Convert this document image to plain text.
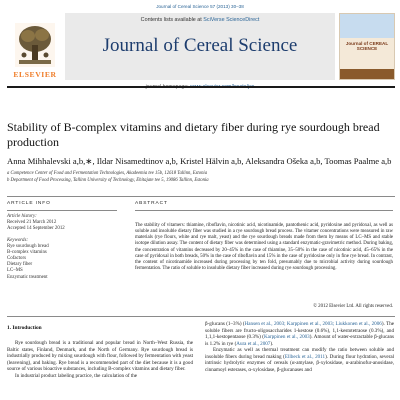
Journal of Cereal Science 57 (2013) 30–38
ELSEVIER
Contents lists available at SciVerse ScienceDirect
Journal of Cereal Science	Journal of CEREAL SCIENCE
Stability of B-complex vitamins and dietary fiber during rye sourdough bread production
Anna Mihhalevski a,b,∗, Ildar Nisamedtinov a,b, Kristel Hälvin a,b, Aleksandra Ošeka a,b, Toomas Paalme a,b
a Competence Center of Food and Fermentation Technologies, Akadeemia tee 15b, 12618 Tallinn, Estonia
b Department of Food Processing, Tallinn University of Technology, Ehitajate tee 5, 19086 Tallinn, Estonia
ARTICLE INFO	ABSTRACT
Article history:
Received 21 March 2012
Accepted 14 September 2012
Keywords:
Rye sourdough bread
B-complex vitamins
Cofactors
Dietary fiber
LC–MS
Enzymatic treatment
The stability of vitamers: thiamine, riboflavin, nicotinic acid, nicotinamide, pantothenic acid, pyridoxine and pyridoxal, as well as soluble and insoluble dietary fiber was studied in a rye sourdough bread process. The vitamer concentrations were measured in raw materials (rye flours, white and rye malt, yeast) and the rye sourdough breads made from them by means of LC–MS and stable isotope dilution assay. The content of dietary fiber was determined using a standard enzymatic-gravimetric method. During baking, the concentration of vitamins decreased by 20–45% in the case of thiamine, 35–50% in the case of nicotinic acid, 45–65% in the case of pyridoxal in both breads, 50% in the case of riboflavin and 15% in the case of pyridoxine only in fine rye bread. In contrast, the content of nicotinamide increased during processing by ten fold, presumably due to microbial activity during sourdough fermentation. The ratio of soluble to insoluble dietary fiber increased during rye sourdough processing.
© 2012 Elsevier Ltd. All rights reserved.
1. Introduction

Rye sourdough bread is a traditional and popular bread in North–West Russia, the Baltic states, Finland, Denmark, and the North of Germany. Rye sourdough bread is industrially produced by mixing sourdough with flour, followed by fermentation with yeast (leavening), and baking. Rye bread is a recommended part of the diet because it is a good source of various bioactive substances, including B-complex vitamins and dietary fiber.

In industrial product labeling practice, the calculation of the

β-glucans (1–3%) (Hansen et al., 2003; Karppinen et al., 2003; Liukkonen et al., 2006). The soluble fibers are fructo-oligosaccharides 1-kestose (0.6%), 1,1-kestotetraose (0.3%), and 1,1,1-kestopentaose (0.3%) (Karppinen et al., 2003). Amount of water-extractable β-glucans is 1.2% in rye (Aura et al., 2007).

Enzymatic as well as thermal treatment can modify the ratio between soluble and insoluble fibers during bread making (Ellbeck et al., 2011). During flour hydration, several intrinsic hydrolytic enzymes of cereals (α-amylase, β-xylosidase, α-arabinofur-anosidase, cinnamoyl esterases, α-xylosidase, β-glucanases and
